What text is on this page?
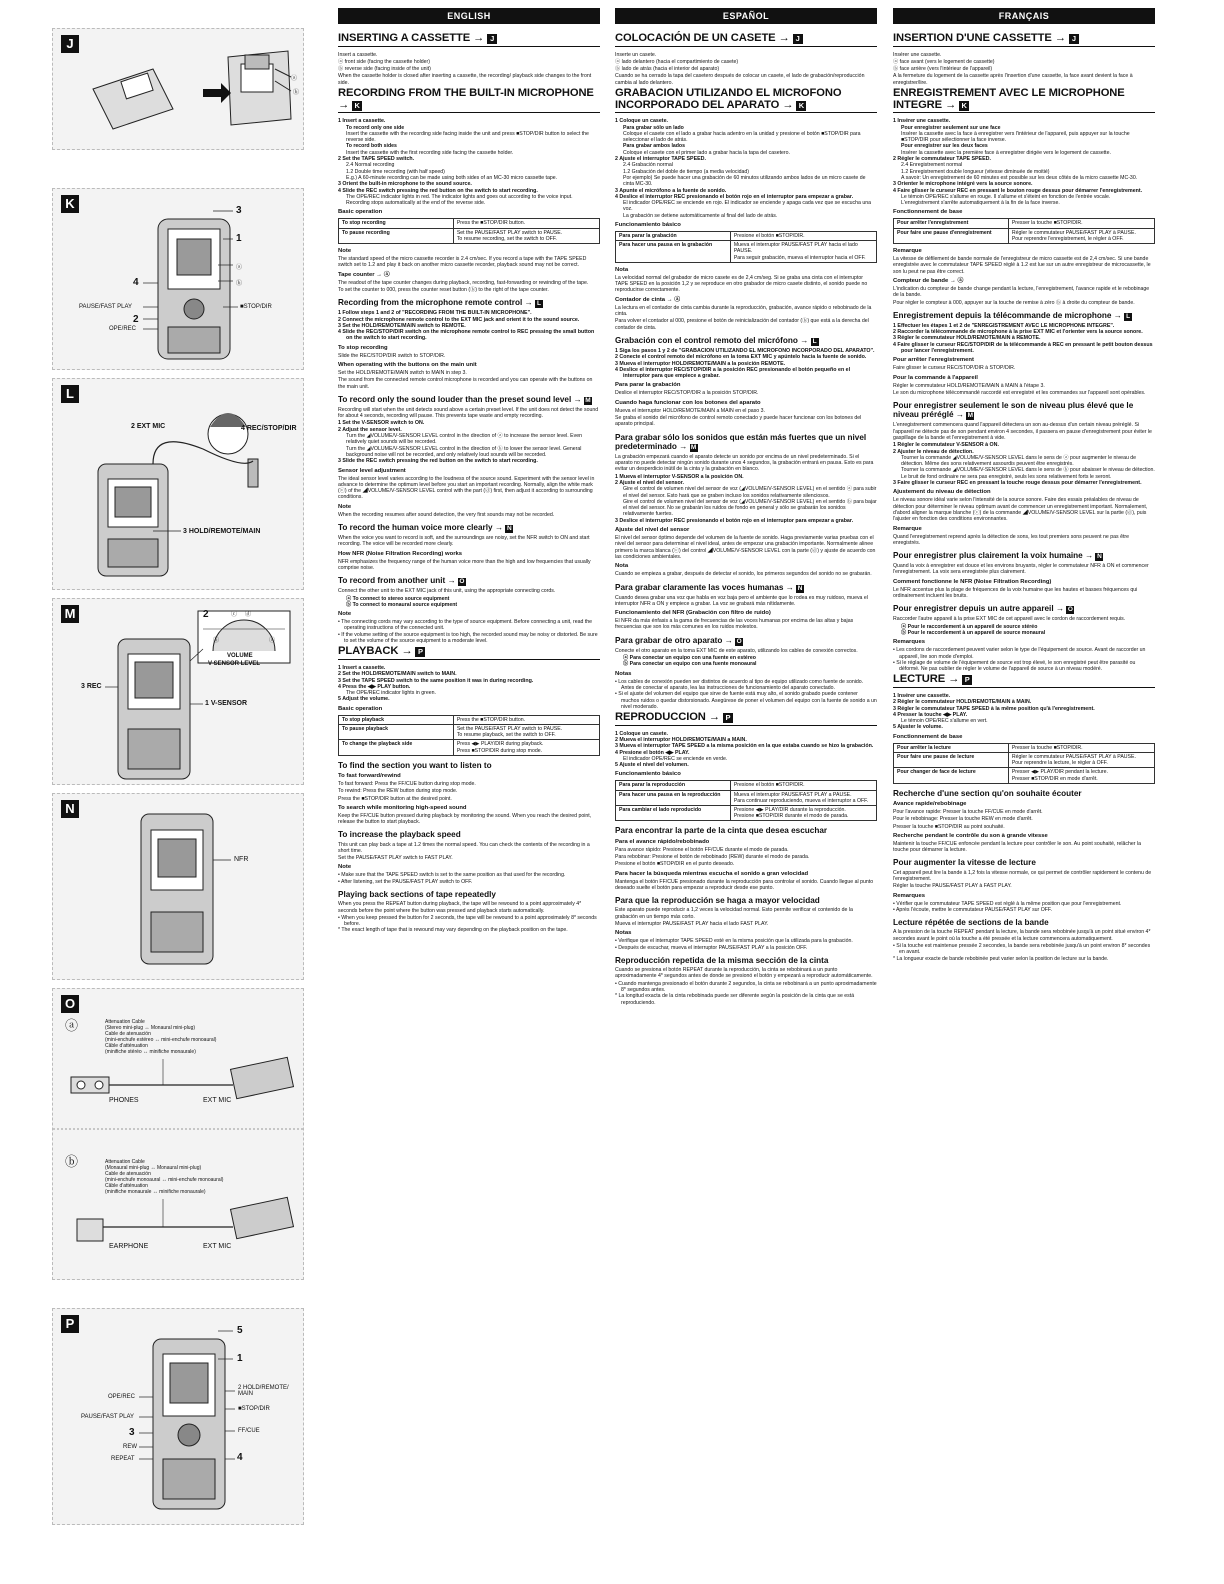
J
ⓐ
ⓑ
K	3
1
4
ⓐ
ⓑ
PAUSE/FAST PLAY	■STOP/DIR
2
OPE/REC
L
2 EXT MIC	4 REC/STOP/DIR
3 HOLD/REMOTE/MAIN
M	2	ⓒ ⓓ
ⓑ	ⓐ
3 REC
VOLUME
V-SENSOR LEVEL
1 V-SENSOR
N
NFR
O
ⓐ	Attenuation Cable
(Stereo mini-plug ↔ Monaural mini-plug)
Cable de atenuación
(mini-enchufe estéreo ↔ mini-enchufe monoaural)
Câble d'atténuation
(minifiche stéréo ↔ minifiche monaurale)
PHONES	EXT MIC
ⓑ	Attenuation Cable
(Monaural mini-plug ↔ Monaural mini-plug)
Cable de atenuación
(mini-enchufe monoaural ↔ mini-enchufe monoaural)
Câble d'atténuation
(minifiche monaurale ↔ minifiche monaurale)
EARPHONE	EXT MIC
P	5
1
OPE/REC
2 HOLD/REMOTE/
MAIN
■STOP/DIR
PAUSE/FAST PLAY
3	FF/CUE
REW
REPEAT	4
ENGLISH
INSERTING A CASSETTE → J
Insert a cassette.
ⓐ front side (facing the cassette holder)
ⓑ reverse side (facing inside of the unit)
When the cassette holder is closed after inserting a cassette, the recording/ playback side changes to the front side.
RECORDING FROM THE BUILT-IN MICROPHONE → K
1 Insert a cassette.
To record only one side
Insert the cassette with the recording side facing inside the unit and press ■STOP/DIR button to select the reverse side.
To record both sides
Insert the cassette with the first recording side facing the cassette holder.
2 Set the TAPE SPEED switch.
2.4 Normal recording
1.2 Double time recording (with half speed)
E.g.) A 60-minute recording can be made using both sides of an MC-30 micro cassette tape.
3 Orient the built-in microphone to the sound source.
4 Slide the REC switch pressing the red button on the switch to start recording.
The OPE/REC indicator lights in red. The indicator lights and goes out according to the voice input.
Recording stops automatically at the end of the reverse side.
Basic operation
To stop recording	Press the ■STOP/DIR button.
To pause recording	Set the PAUSE/FAST PLAY switch to PAUSE.
To resume recording, set the switch to OFF.
Note
The standard speed of the micro cassette recorder is 2.4 cm/sec. If you record a tape with the TAPE SPEED switch set to 1.2 and play it back on another micro cassette recorder, playback sound may not be correct.
Tape counter → ⓐ
The readout of the tape counter changes during playback, recording, fast-forwarding or rewinding of the tape.
To set the counter to 000, press the counter reset button (ⓑ) to the right of the tape counter.
Recording from the microphone remote control → L
1 Follow steps 1 and 2 of "RECORDING FROM THE BUILT-IN MICROPHONE".
2 Connect the microphone remote control to the EXT MIC jack and orient it to the sound source.
3 Set the HOLD/REMOTE/MAIN switch to REMOTE.
4 Slide the REC/STOP/DIR switch on the microphone remote control to REC pressing the small button on the switch to start recording.
To stop recording
Slide the REC/STOP/DIR switch to STOP/DIR.
When operating with the buttons on the main unit
Set the HOLD/REMOTE/MAIN switch to MAIN in step 3.
The sound from the connected remote control microphone is recorded and you can operate with the buttons on the main unit.
To record only the sound louder than the preset sound level → M
Recording will start when the unit detects sound above a certain preset level. If the unit does not detect the sound for about 4 seconds, recording will pause. This prevents tape waste and empty recording.
1 Set the V-SENSOR switch to ON.
2 Adjust the sensor level.
Turn the ◢VOLUME/V-SENSOR LEVEL control in the direction of ⓐ to increase the sensor level. Even relatively quiet sounds will be recorded.
Turn the ◢VOLUME/V-SENSOR LEVEL control in the direction of ⓑ to lower the sensor level. General background noise will not be recorded, and only relatively loud sounds will be recorded.
3 Slide the REC switch pressing the red button on the switch to start recording.
Sensor level adjustment
The ideal sensor level varies according to the loudness of the source sound. Experiment with the sensor level in advance to determine the optimum level before you start an important recording. Normally, align the white mark (ⓒ) of the ◢VOLUME/V-SENSOR LEVEL control with the part (ⓓ) first, then adjust it according to surrounding conditions.
Note
When the recording resumes after sound detection, the very first sounds may not be recorded.
To record the human voice more clearly → N
When the voice you want to record is soft, and the surroundings are noisy, set the NFR switch to ON and start recording. The voice will be recorded more clearly.
How NFR (Noise Filtration Recording) works
NFR emphasizes the frequency range of the human voice more than the high and low frequencies that usually comprise noise.
To record from another unit → O
Connect the other unit to the EXT MIC jack of this unit, using the appropriate connecting cords.
ⓐ To connect to stereo source equipment
ⓑ To connect to monaural source equipment
Note
• The connecting cords may vary according to the type of source equipment. Before connecting a unit, read the operating instructions of the connected unit.
• If the volume setting of the source equipment is too high, the recorded sound may be noisy or distorted. Be sure to set the volume of the source equipment to a moderate level.
PLAYBACK → P
1 Insert a cassette.
2 Set the HOLD/REMOTE/MAIN switch to MAIN.
3 Set the TAPE SPEED switch to the same position it was in during recording.
4 Press the ◀▶ PLAY button.
The OPE/REC indicator lights in green.
5 Adjust the volume.
Basic operation
To stop playback	Press the ■STOP/DIR button.
To pause playback	Set the PAUSE/FAST PLAY switch to PAUSE.
To resume playback, set the switch to OFF.
To change the playback side	Press ◀▶ PLAY/DIR during playback.
Press ■STOP/DIR during stop mode.
To find the section you want to listen to
To fast forward/rewind
To fast forward: Press the FF/CUE button during stop mode.
To rewind: Press the REW button during stop mode.
Press the ■STOP/DIR button at the desired point.
To search while monitoring high-speed sound
Keep the FF/CUE button pressed during playback by monitoring the sound. When you reach the desired point, release the button to start playback.
To increase the playback speed
This unit can play back a tape at 1.2 times the normal speed. You can check the contents of the recording in a short time.
Set the PAUSE/FAST PLAY switch to FAST PLAY.
Note
• Make sure that the TAPE SPEED switch is set to the same position as that used for the recording.
• After listening, set the PAUSE/FAST PLAY switch to OFF.
Playing back sections of tape repeatedly
When you press the REPEAT button during playback, the tape will be rewound to a point approximately 4* seconds before the point where the button was pressed and playback starts automatically.
• When you keep pressed the button for 2 seconds, the tape will be rewound to a point approximately 8* seconds before.
* The exact length of tape that is rewound may vary depending on the playback position on the tape.
ESPAÑOL
COLOCACIÓN DE UN CASETE → J
Inserte un casete.
ⓐ lado delantero (hacia el compartimiento de casete)
ⓑ lado de atrás (hacia el interior del aparato)
Cuando se ha cerrado la tapa del casetero después de colocar un casete, el lado de grabación/reproducción cambia al lado delantero.
GRABACION UTILIZANDO EL MICROFONO INCORPORADO DEL APARATO → K
1 Coloque un casete.
Para grabar sólo un lado
Coloque el casete con el lado a grabar hacia adentro en la unidad y presione el botón ■STOP/DIR para seleccionar el lado de atrás.
Para grabar ambos lados
Coloque el casete con el primer lado a grabar hacia la tapa del casetero.
2 Ajuste el interruptor TAPE SPEED.
2.4 Grabación normal
1.2 Grabación del doble de tiempo (a media velocidad)
Por ejemplo) Se puede hacer una grabación de 60 minutos utilizando ambos lados de un micro casete de cinta MC-30.
3 Apunte el micrófono a la fuente de sonido.
4 Deslice el interruptor REC presionando el botón rojo en el interruptor para empezar a grabar.
El indicador OPE/REC se enciende en rojo. El indicador se enciende y apaga cada vez que se escucha una voz.
La grabación se detiene automáticamente al final del lado de atrás.
Funcionamiento básico
Para parar la grabación	Presione el botón ■STOP/DIR.
Para hacer una pausa en la grabación	Mueva el interruptor PAUSE/FAST PLAY hacia el lado PAUSE.
Para seguir grabación, mueva el interruptor hacia el OFF.
Nota
La velocidad normal del grabador de micro casete es de 2,4 cm/seg. Si se graba una cinta con el interruptor TAPE SPEED en la posición 1,2 y se reproduce en otro grabador de micro casete distinto, el sonido puede no reproducirse correctamente.
Contador de cinta → ⓐ
La lectura en el contador de cinta cambia durante la reproducción, grabación, avance rápido o rebobinado de la cinta.
Para volver el contador al 000, presione el botón de reinicialización del contador (ⓑ) que está a la derecha del contador de cinta.
Grabación con el control remoto del micrófono → L
1 Siga los pasos 1 y 2 de "GRABACION UTILIZANDO EL MICROFONO INCORPORADO DEL APARATO".
2 Conecte el control remoto del micrófono en la toma EXT MIC y apúntelo hacia la fuente de sonido.
3 Mueva el interruptor HOLD/REMOTE/MAIN a la posición REMOTE.
4 Deslice el interruptor REC/STOP/DIR a la posición REC presionando el botón pequeño en el interruptor para que empiece a grabar.
Para parar la grabación
Deslice el interruptor REC/STOP/DIR a la posición STOP/DIR.
Cuando haga funcionar con los botones del aparato
Mueva el interruptor HOLD/REMOTE/MAIN a MAIN en el paso 3.
Se graba el sonido del micrófono de control remoto conectado y puede hacer funcionar con los botones del aparato principal.
Para grabar sólo los sonidos que están más fuertes que un nivel predeterminado → M
La grabación empezará cuando el aparato detecte un sonido por encima de un nivel predeterminado. Si el aparato no puede detectar ningún sonido durante unos 4 segundos, la grabación entrará en pausa. Esto es para evitar un desperdicio inútil de la cinta y la grabación en blanco.
1 Mueva el interruptor V-SENSOR a la posición ON.
2 Ajuste el nivel del sensor.
Gire el control de volumen nivel del sensor de voz (◢VOLUME/V-SENSOR LEVEL) en el sentido ⓐ para subir el nivel del sensor. Esto hará que se graben incluso los sonidos relativamente silenciosos.
Gire el control de volumen nivel del sensor de voz (◢VOLUME/V-SENSOR LEVEL) en el sentido ⓑ para bajar el nivel del sensor. No se grabarán los ruidos de fondo en general y sólo se grabarán los sonidos relativamente fuertes.
3 Deslice el interruptor REC presionando el botón rojo en el interruptor para empezar a grabar.
Ajuste del nivel del sensor
El nivel del sensor óptimo depende del volumen de la fuente de sonido. Haga previamente varias pruebas con el nivel del sensor para determinar el nivel ideal, antes de empezar una grabación importante. Normalmente alinee primero la marca blanca (ⓒ) del control ◢VOLUME/V-SENSOR LEVEL con la parte (ⓓ) y ajuste de acuerdo con las condiciones ambientales.
Nota
Cuando se empieza a grabar, después de detectar el sonido, los primeros segundos del sonido no se grabarán.
Para grabar claramente las voces humanas → N
Cuando desea grabar una voz que habla en voz baja pero el ambiente que lo rodea es muy ruidoso, mueva el interruptor NFR a ON y empiece a grabar. La voz se grabará más nítidamente.
Funcionamiento del NFR (Grabación con filtro de ruido)
El NFR da más énfasis a la gama de frecuencias de las voces humanas por encima de las altas y bajas frecuencias que son los más comunes en los ruidos molestos.
Para grabar de otro aparato → O
Conecte el otro aparato en la toma EXT MIC de este aparato, utilizando los cables de conexión correctos.
ⓐ Para conectar un equipo con una fuente en estéreo
ⓑ Para conectar un equipo con una fuente monoaural
Notas
• Los cables de conexión pueden ser distintos de acuerdo al tipo de equipo utilizado como fuente de sonido. Antes de conectar el aparato, lea las instrucciones de funcionamiento del aparato conectado.
• Si el ajuste del volumen del equipo que sirve de fuente está muy alto, el sonido grabado puede contener muchos ruidos o quedar distorsionado. Asegúrese de poner el volumen del equipo con la fuente de sonido a un nivel moderado.
REPRODUCCION → P
1 Coloque un casete.
2 Mueva el interruptor HOLD/REMOTE/MAIN a MAIN.
3 Mueva el interruptor TAPE SPEED a la misma posición en la que estaba cuando se hizo la grabación.
4 Presione el botón ◀▶ PLAY.
El indicador OPE/REC se enciende en verde.
5 Ajuste el nivel del volumen.
Funcionamiento básico
Para parar la reproducción	Presione el botón ■STOP/DIR.
Para hacer una pausa en la reproducción	Mueva el interruptor PAUSE/FAST PLAY a PAUSE.
Para continuar reproduciendo, mueva el interruptor a OFF.
Para cambiar el lado reproducido	Presione ◀▶ PLAY/DIR durante la reproducción.
Presione ■STOP/DIR durante el modo de parada.
Para encontrar la parte de la cinta que desea escuchar
Para el avance rápido/rebobinado
Para avance rápido: Presione el botón FF/CUE durante el modo de parada.
Para rebobinar: Presione el botón de rebobinado (REW) durante el modo de parada.
Presione el botón ■STOP/DIR en el punto deseado.
Para hacer la búsqueda mientras escucha el sonido a gran velocidad
Mantenga el botón FF/CUE presionado durante la reproducción para controlar el sonido. Cuando llegue al punto deseado suelte el botón para empezar a reproducir desde ese punto.
Para que la reproducción se haga a mayor velocidad
Este aparato puede reproducir a 1,2 veces la velocidad normal. Esto permite verificar el contenido de la grabación en un tiempo más corto.
Mueva el interruptor PAUSE/FAST PLAY hacia el lado FAST PLAY.
Notas
• Verifique que el interruptor TAPE SPEED esté en la misma posición que la utilizada para la grabación.
• Después de escuchar, mueva el interruptor PAUSE/FAST PLAY a la posición OFF.
Reproducción repetida de la misma sección de la cinta
Cuando se presiona el botón REPEAT durante la reproducción, la cinta se rebobinará a un punto aproximadamente 4* segundos antes de donde se presionó el botón y empezará a reproducir automáticamente.
• Cuando mantenga presionado el botón durante 2 segundos, la cinta se rebobinará a un punto aproximadamente 8* segundos antes.
* La longitud exacta de la cinta rebobinada puede ser diferente según la posición de la cinta que se está reproduciendo.
FRANÇAIS
INSERTION D'UNE CASSETTE → J
Insérer une cassette.
ⓐ face avant (vers le logement de cassette)
ⓑ face arrière (vers l'intérieur de l'appareil)
A la fermeture du logement de la cassette après l'insertion d'une cassette, la face avant devient la face à enregistrer/lire.
ENREGISTREMENT AVEC LE MICROPHONE INTEGRE → K
1 Insérer une cassette.
Pour enregistrer seulement sur une face
Insérer la cassette avec la face à enregistrer vers l'intérieur de l'appareil, puis appuyer sur la touche ■STOP/DIR pour sélectionner la face inverse.
Pour enregistrer sur les deux faces
Insérer la cassette avec la première face à enregistrer dirigée vers le logement de cassette.
2 Régler le commutateur TAPE SPEED.
2.4 Enregistrement normal
1.2 Enregistrement double longueur (vitesse diminuée de moitié)
A savoir: Un enregistrement de 60 minutes est possible sur les deux côtés de la micro cassette MC-30.
3 Orienter le microphone intégré vers la source sonore.
4 Faire glisser le curseur REC en pressant le bouton rouge dessus pour démarrer l'enregistrement.
Le témoin OPE/REC s'allume en rouge. Il s'allume et s'éteint en fonction de l'entrée vocale.
L'enregistrement s'arrête automatiquement à la fin de la face inverse.
Fonctionnement de base
Pour arrêter l'enregistrement	Presser la touche ■STOP/DIR.
Pour faire une pause d'enregistrement	Régler le commutateur PAUSE/FAST PLAY à PAUSE.
Pour reprendre l'enregistrement, le régler à OFF.
Remarque
La vitesse de défilement de bande normale de l'enregistreur de micro cassette est de 2,4 cm/sec. Si une bande enregistrée avec le commutateur TAPE SPEED réglé à 1.2 est lue sur un autre enregistreur de microcassette, le son lu peut ne pas être correct.
Compteur de bande → ⓐ
L'indication du compteur de bande change pendant la lecture, l'enregistrement, l'avance rapide et le rebobinage de la bande.
Pour régler le compteur à 000, appuyer sur la touche de remise à zéro ⓑ à droite du compteur de bande.
Enregistrement depuis la télécommande de microphone → L
1 Effectuer les étapes 1 et 2 de "ENREGISTREMENT AVEC LE MICROPHONE INTEGRE".
2 Raccorder la télécommande de microphone à la prise EXT MIC et l'orienter vers la source sonore.
3 Régler le commutateur HOLD/REMOTE/MAIN à REMOTE.
4 Faire glisser le curseur REC/STOP/DIR de la télécommande à REC en pressant le petit bouton dessus pour lancer l'enregistrement.
Pour arrêter l'enregistrement
Faire glisser le curseur REC/STOP/DIR à STOP/DIR.
Pour la commande à l'appareil
Régler le commutateur HOLD/REMOTE/MAIN à MAIN à l'étape 3.
Le son du microphone télécommandé raccordé est enregistré et les commandes sur l'appareil sont opérables.
Pour enregistrer seulement le son de niveau plus élevé que le niveau préréglé → M
L'enregistrement commencera quand l'appareil détectera un son au-dessus d'un certain niveau préréglé. Si l'appareil ne détecte pas de son pendant environ 4 secondes, il passera en pause d'enregistrement pour éviter le gaspillage de la bande et l'enregistrement à vide.
1 Régler le commutateur V-SENSOR à ON.
2 Ajuster le niveau de détection.
Tourner la commande ◢VOLUME/V-SENSOR LEVEL dans le sens de ⓐ pour augmenter le niveau de détection. Même des sons relativement assourdis peuvent être enregistrés.
Tourner la commande ◢VOLUME/V-SENSOR LEVEL dans le sens de ⓑ pour abaisser le niveau de détection. Le bruit de fond ordinaire ne sera pas enregistré, seuls les sons relativement forts le seront.
3 Faire glisser le curseur REC en pressant la touche rouge dessus pour démarrer l'enregistrement.
Ajustement du niveau de détection
Le niveau sonore idéal varie selon l'intensité de la source sonore. Faire des essais préalables de niveau de détection pour déterminer le niveau optimum avant de commencer un enregistrement important. Normalement, d'abord aligner la marque blanche (ⓒ) de la commande ◢VOLUME/V-SENSOR LEVEL sur la partie (ⓓ), puis l'ajuster en fonction des conditions environnantes.
Remarque
Quand l'enregistrement reprend après la détection de sons, les tout premiers sons peuvent ne pas être enregistrés.
Pour enregistrer plus clairement la voix humaine → N
Quand la voix à enregistrer est douce et les environs bruyants, régler le commutateur NFR à ON et commencer l'enregistrement. La voix sera enregistrée plus clairement.
Comment fonctionne le NFR (Noise Filtration Recording)
Le NFR accentue plus la plage de fréquences de la voix humaine que les hautes et basses fréquences qui ordinairement incluent les bruits.
Pour enregistrer depuis un autre appareil → O
Raccorder l'autre appareil à la prise EXT MIC de cet appareil avec le cordon de raccordement requis.
ⓐ Pour le raccordement à un appareil de source stéréo
ⓑ Pour le raccordement à un appareil de source monaural
Remarques
• Les cordons de raccordement peuvent varier selon le type de l'équipement de source. Avant de raccorder un appareil, lire son mode d'emploi.
• Si le réglage de volume de l'équipement de source est trop élevé, le son enregistré peut être parasité ou déformé. Ne pas oublier de régler le volume de l'appareil de source à un niveau modéré.
LECTURE → P
1 Insérer une cassette.
2 Régler le commutateur HOLD/REMOTE/MAIN à MAIN.
3 Régler le commutateur TAPE SPEED à la même position qu'à l'enregistrement.
4 Presser la touche ◀▶ PLAY.
Le témoin OPE/REC s'allume en vert.
5 Ajuster le volume.
Fonctionnement de base
Pour arrêter la lecture	Presser la touche ■STOP/DIR.
Pour faire une pause de lecture	Régler le commutateur PAUSE/FAST PLAY à PAUSE.
Pour reprendre la lecture, le régler à OFF.
Pour changer de face de lecture	Presser ◀▶ PLAY/DIR pendant la lecture.
Presser ■STOP/DIR en mode d'arrêt.
Recherche d'une section qu'on souhaite écouter
Avance rapide/rebobinage
Pour l'avance rapide: Presser la touche FF/CUE en mode d'arrêt.
Pour le rebobinage: Presser la touche REW en mode d'arrêt.
Presser la touche ■STOP/DIR au point souhaité.
Recherche pendant le contrôle du son à grande vitesse
Maintenir la touche FF/CUE enfoncée pendant la lecture pour contrôler le son. Au point souhaité, relâcher la touche pour démarrer la lecture.
Pour augmenter la vitesse de lecture
Cet appareil peut lire la bande à 1,2 fois la vitesse normale, ce qui permet de contrôler rapidement le contenu de l'enregistrement.
Régler la touche PAUSE/FAST PLAY à FAST PLAY.
Remarques
• Vérifier que le commutateur TAPE SPEED est réglé à la même position que pour l'enregistrement.
• Après l'écoute, mettre le commutateur PAUSE/FAST PLAY sur OFF.
Lecture répétée de sections de la bande
A la pression de la touche REPEAT pendant la lecture, la bande sera rebobinée jusqu'à un point situé environ 4* secondes avant le point où la touche a été pressée et la lecture commencera automatiquement.
• Si la touche est maintenue pressée 2 secondes, la bande sera rebobinée jusqu'à un point environ 8* secondes en avant.
* La longueur exacte de bande rebobinée peut varier selon la position de lecture sur la bande.
